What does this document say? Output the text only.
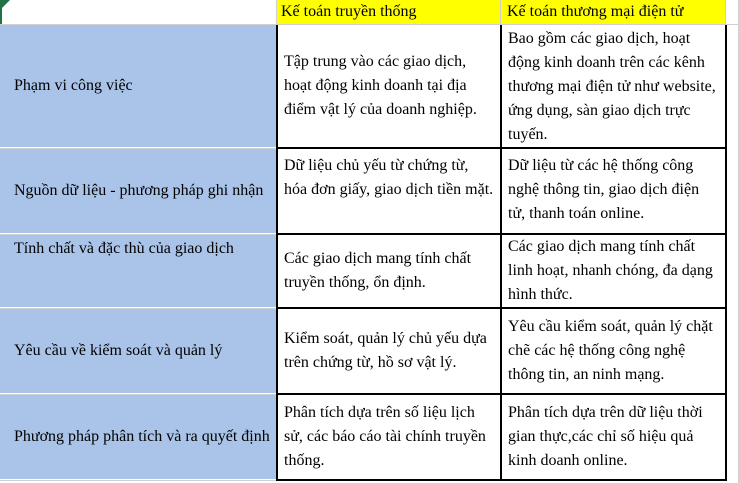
Kế toán truyền thống	Kế toán thương mại điện tử
Phạm vi công việc
Tập trung vào các giao dịch, hoạt động kinh doanh tại địa điểm vật lý của doanh nghiệp.
Bao gồm các giao dịch, hoạt động kinh doanh trên các kênh thương mại điện tử như website, ứng dụng, sàn giao dịch trực tuyến.
Nguồn dữ liệu - phương pháp ghi nhận
Dữ liệu chủ yếu từ chứng từ, hóa đơn giấy, giao dịch tiền mặt.
Dữ liệu từ các hệ thống công nghệ thông tin, giao dịch điện tử, thanh toán online.
Tính chất và đặc thù của giao dịch
Các giao dịch mang tính chất truyền thống, ổn định.
Các giao dịch mang tính chất linh hoạt, nhanh chóng, đa dạng hình thức.
Yêu cầu về kiểm soát và quản lý
Kiểm soát, quản lý chủ yếu dựa trên chứng từ, hồ sơ vật lý.
Yêu cầu kiểm soát, quản lý chặt chẽ các hệ thống công nghệ thông tin, an ninh mạng.
Phương pháp phân tích và ra quyết định
Phân tích dựa trên số liệu lịch sử, các báo cáo tài chính truyền thống.
Phân tích dựa trên dữ liệu thời gian thực,các chỉ số hiệu quả kinh doanh online.
